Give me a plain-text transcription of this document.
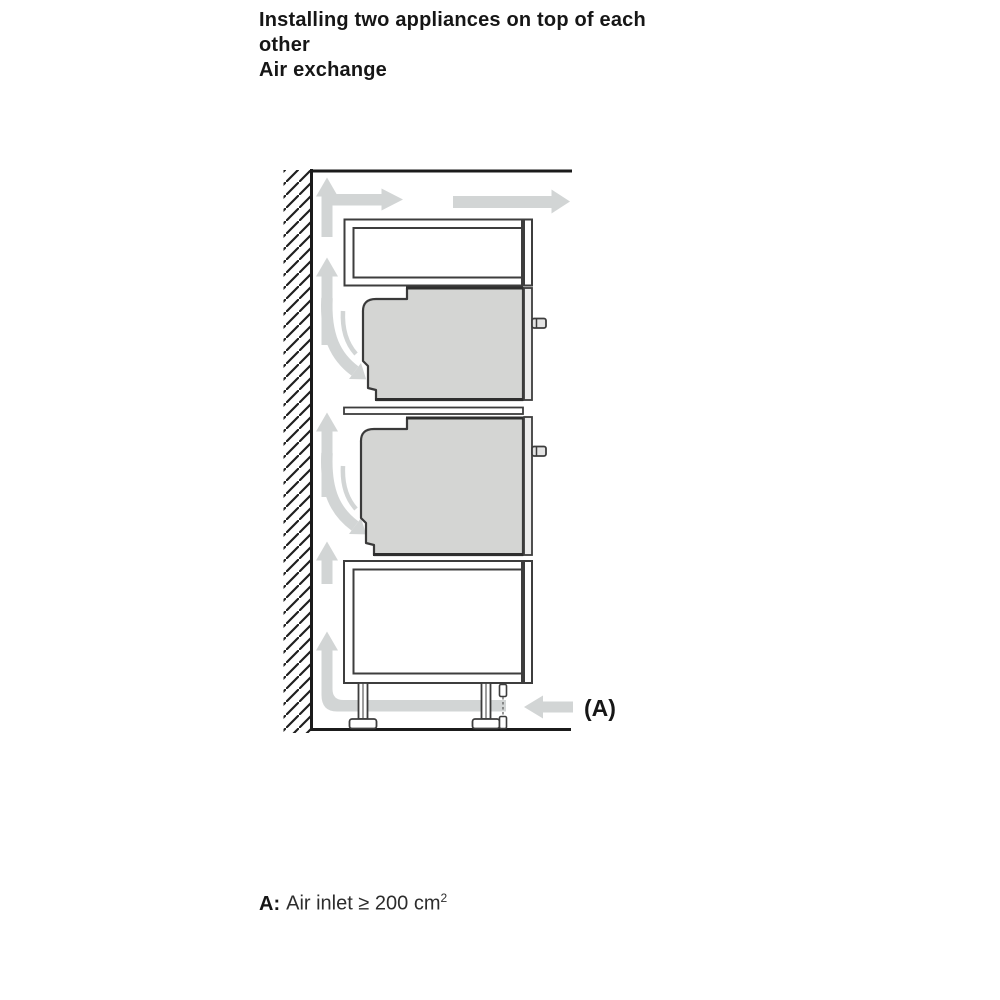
Installing two appliances on top of each
other
Air exchange
(A)
A: Air inlet ≥ 200 $cm^2$
